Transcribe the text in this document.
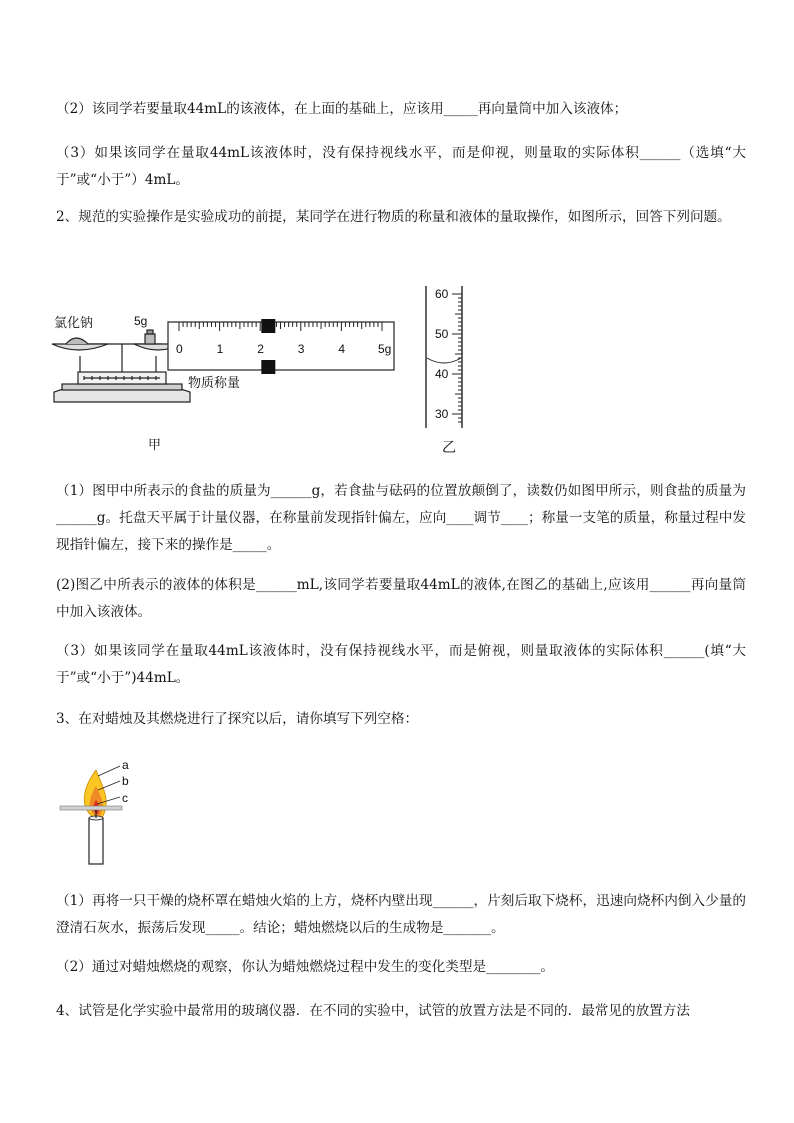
（2）该同学若要量取44mL的该液体，在上面的基础上，应该用_____再向量筒中加入该液体；

（3）如果该同学在量取44mL该液体时，没有保持视线水平，而是仰视，则量取的实际体积______（选填“大于”或“小于”）4mL。

2、规范的实验操作是实验成功的前提，某同学在进行物质的称量和液体的量取操作，如图所示，回答下列问题。

氯化钠	5g
0	1	2	3	4	5g
物质称量
甲
60
50
40
30
乙

（1）图甲中所表示的食盐的质量为______g，若食盐与砝码的位置放颠倒了，读数仍如图甲所示，则食盐的质量为______g。托盘天平属于计量仪器，在称量前发现指针偏左，应向____调节____；称量一支笔的质量，称量过程中发现指针偏左，接下来的操作是_____。

(2)图乙中所表示的液体的体积是______mL,该同学若要量取44mL的液体,在图乙的基础上,应该用______再向量筒中加入该液体。

（3）如果该同学在量取44mL该液体时，没有保持视线水平，而是俯视，则量取液体的实际体积______(填“大于”或“小于”)44mL。

3、在对蜡烛及其燃烧进行了探究以后，请你填写下列空格：

a
b
c

（1）再将一只干燥的烧杯罩在蜡烛火焰的上方，烧杯内壁出现______，片刻后取下烧杯，迅速向烧杯内倒入少量的澄清石灰水，振荡后发现_____。结论；蜡烛燃烧以后的生成物是_______。

（2）通过对蜡烛燃烧的观察，你认为蜡烛燃烧过程中发生的变化类型是________。

4、试管是化学实验中最常用的玻璃仪器．在不同的实验中，试管的放置方法是不同的．最常见的放置方法
